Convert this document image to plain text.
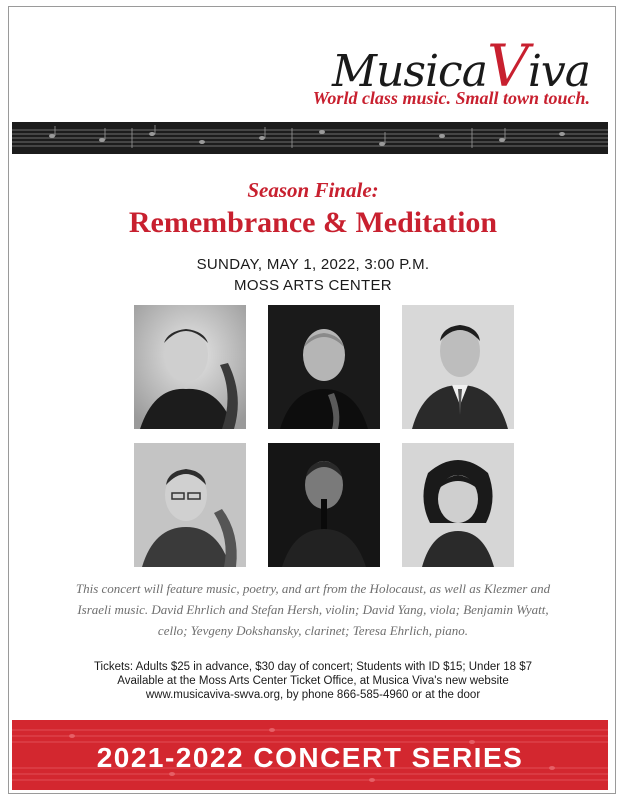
MusicaViva
World class music. Small town touch.
Season Finale:
Remembrance & Meditation
SUNDAY, MAY 1, 2022, 3:00 P.M.
MOSS ARTS CENTER
This concert will feature music, poetry, and art from the Holocaust, as well as Klezmer and Israeli music. David Ehrlich and Stefan Hersh, violin; David Yang, viola; Benjamin Wyatt, cello; Yevgeny Dokshansky, clarinet; Teresa Ehrlich, piano.
Tickets: Adults $25 in advance, $30 day of concert; Students with ID $15; Under 18 $7
Available at the Moss Arts Center Ticket Office, at Musica Viva's new website
www.musicaviva-swva.org, by phone 866-585-4960 or at the door
2021-2022 CONCERT SERIES
